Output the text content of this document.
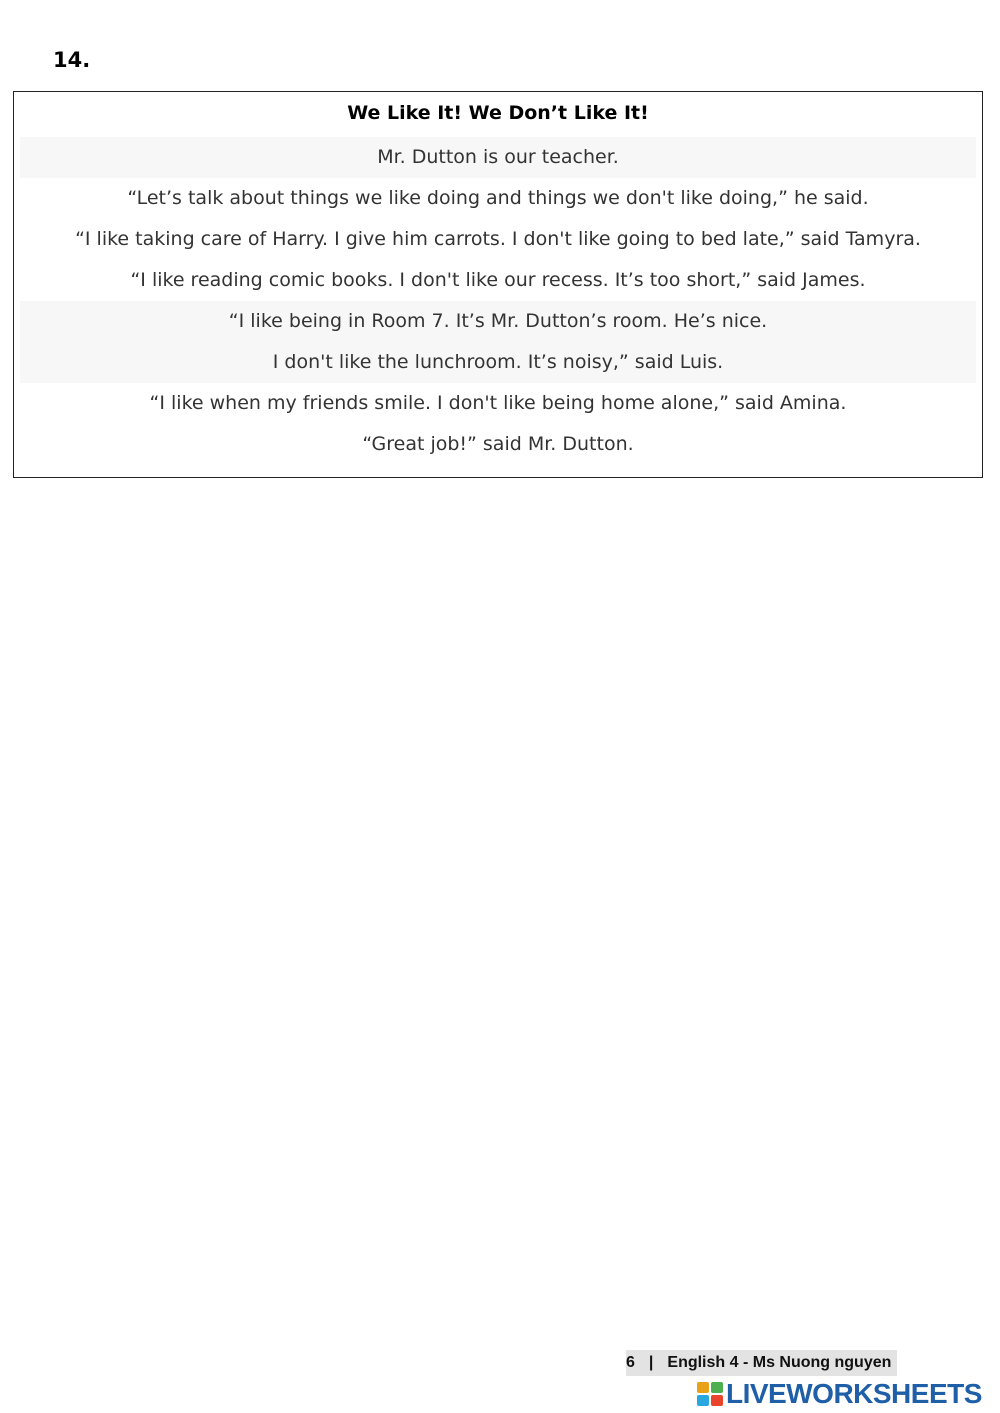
14.
We Like It! We Don’t Like It!
Mr. Dutton is our teacher.
“Let’s talk about things we like doing and things we don't like doing,” he said.
“I like taking care of Harry. I give him carrots. I don't like going to bed late,” said Tamyra.
“I like reading comic books. I don't like our recess. It’s too short,” said James.
“I like being in Room 7. It’s Mr. Dutton’s room. He’s nice.
I don't like the lunchroom. It’s noisy,” said Luis.
“I like when my friends smile. I don't like being home alone,” said Amina.
“Great job!” said Mr. Dutton.
6 | English 4 - Ms Nuong nguyen
LIVEWORKSHEETS
